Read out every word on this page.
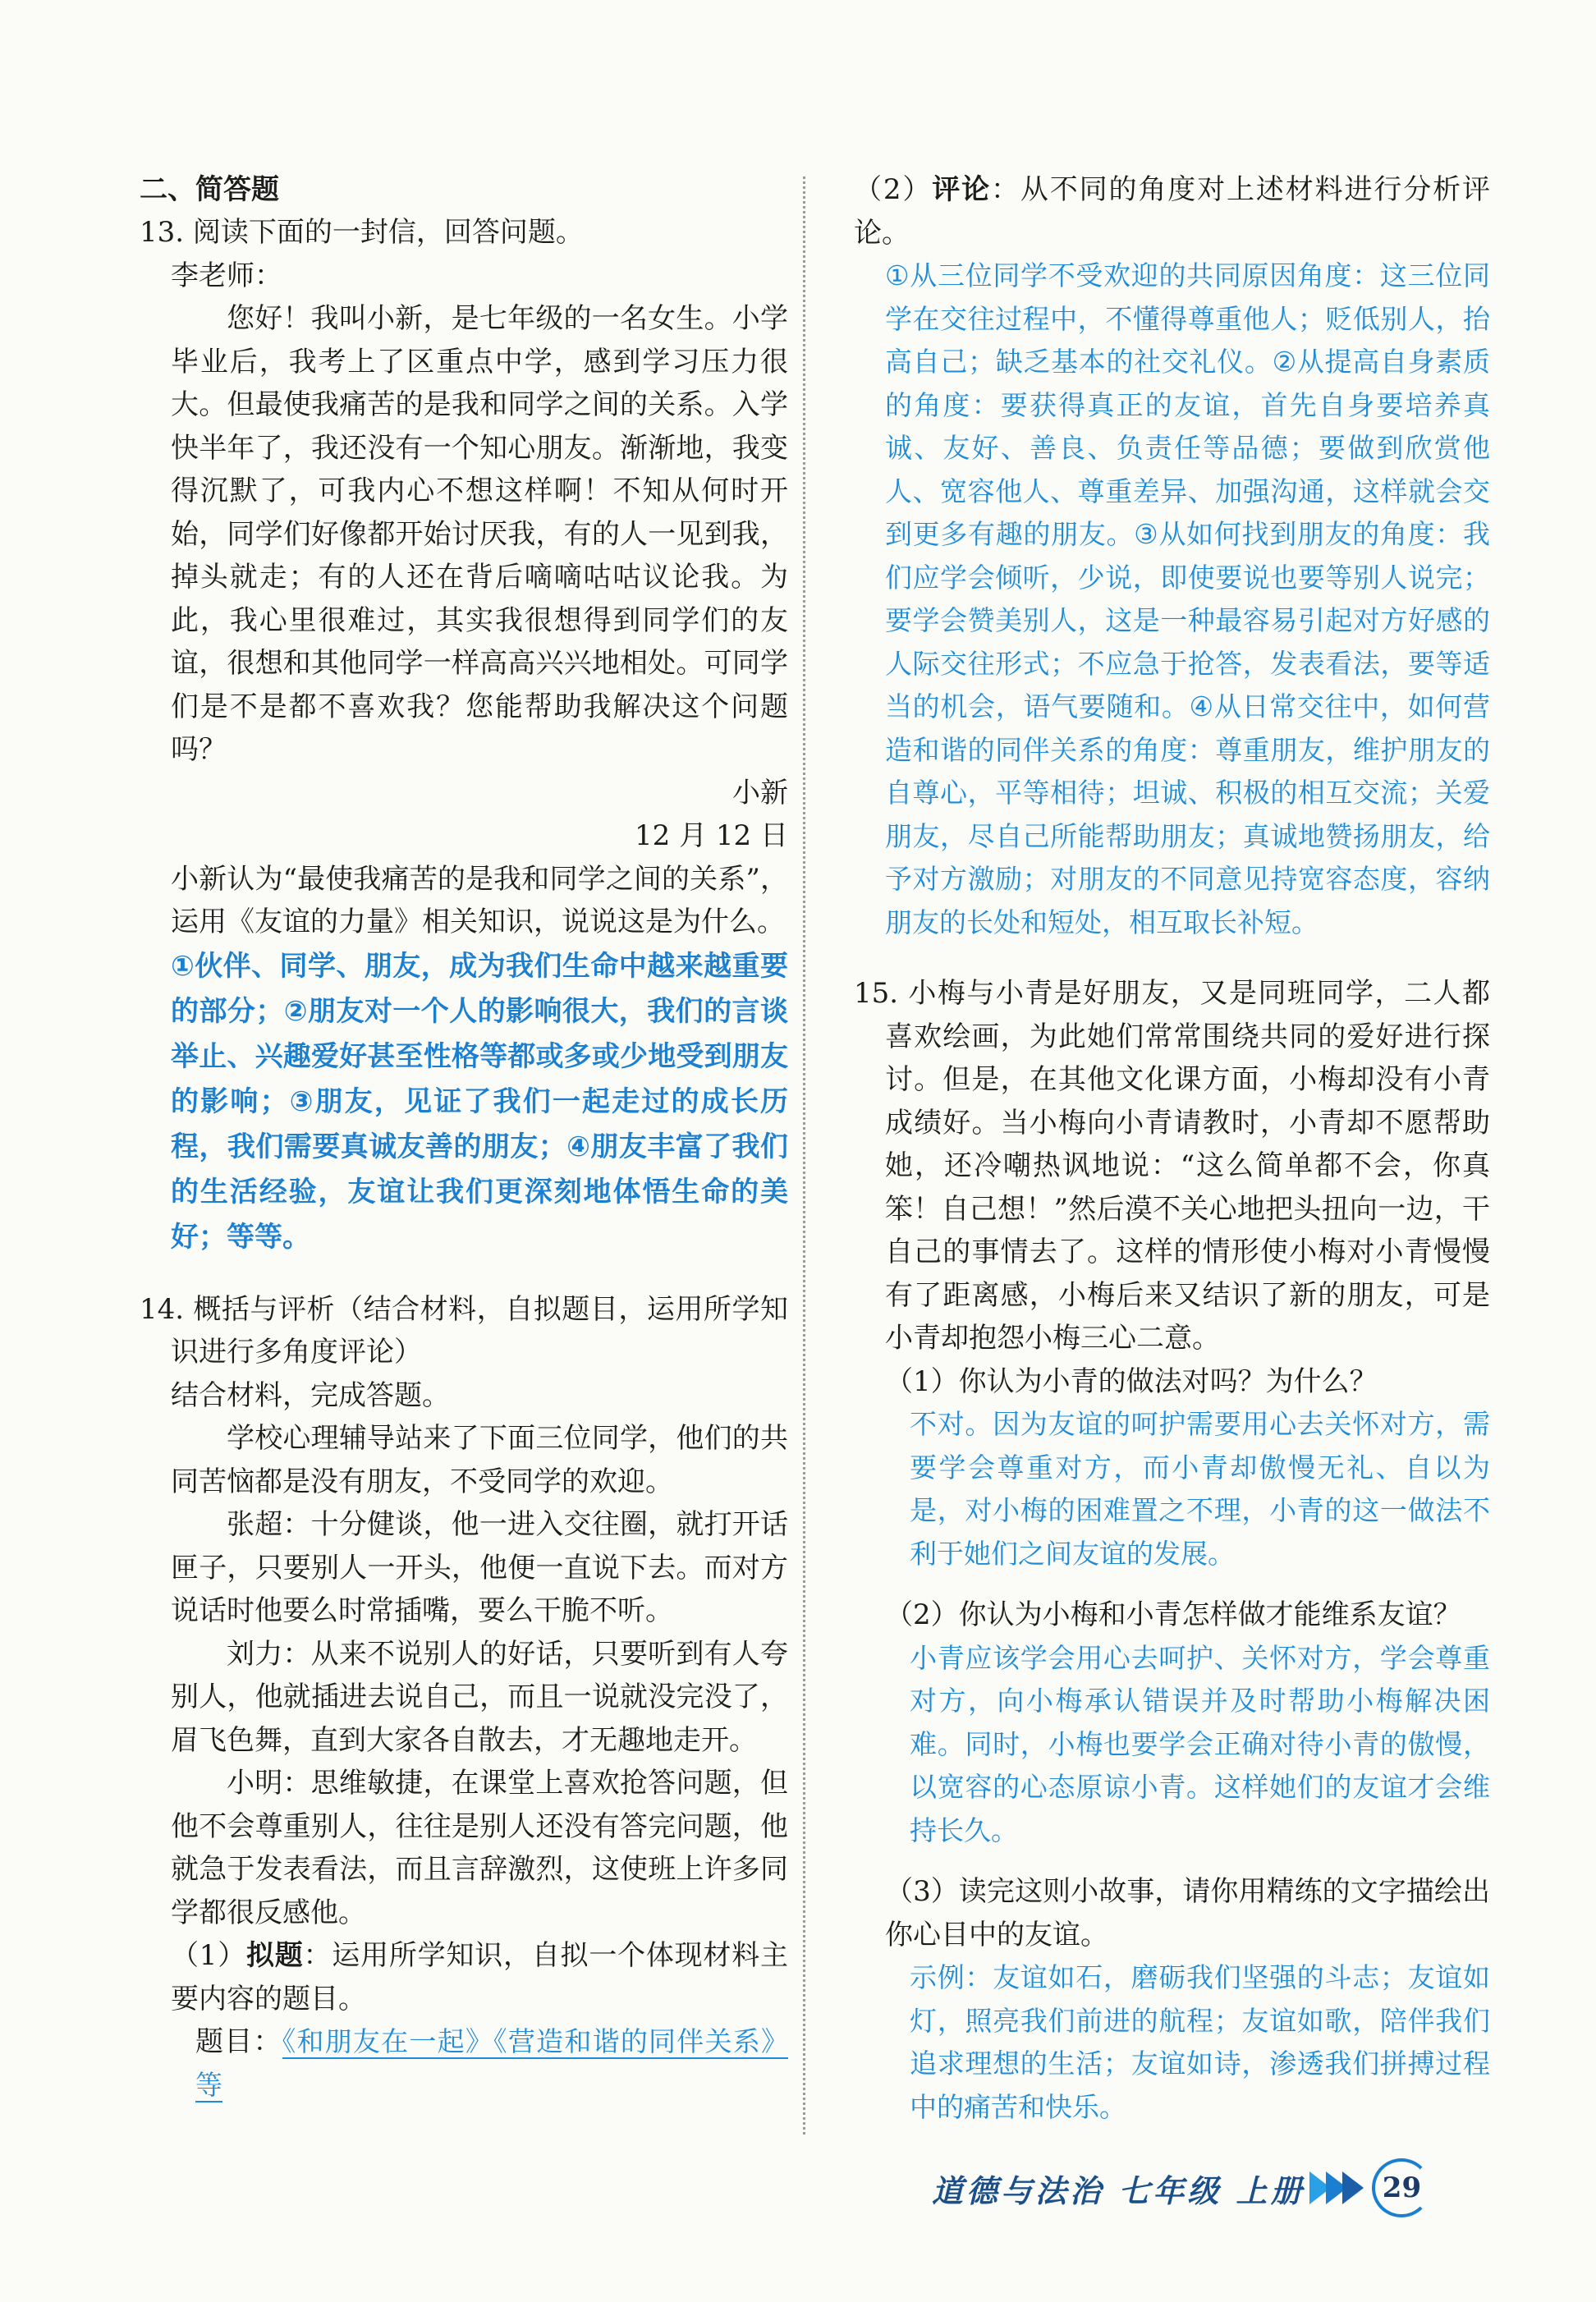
二、简答题

13. 阅读下面的一封信，回答问题。

李老师：

您好！我叫小新，是七年级的一名女生。小学毕业后，我考上了区重点中学，感到学习压力很大。但最使我痛苦的是我和同学之间的关系。入学快半年了，我还没有一个知心朋友。渐渐地，我变得沉默了，可我内心不想这样啊！不知从何时开始，同学们好像都开始讨厌我，有的人一见到我，掉头就走；有的人还在背后嘀嘀咕咕议论我。为此，我心里很难过，其实我很想得到同学们的友谊，很想和其他同学一样高高兴兴地相处。可同学们是不是都不喜欢我？您能帮助我解决这个问题吗？

小新

12 月 12 日

小新认为“最使我痛苦的是我和同学之间的关系”，运用《友谊的力量》相关知识，说说这是为什么。

①伙伴、同学、朋友，成为我们生命中越来越重要的部分；②朋友对一个人的影响很大，我们的言谈举止、兴趣爱好甚至性格等都或多或少地受到朋友的影响；③朋友，见证了我们一起走过的成长历程，我们需要真诚友善的朋友；④朋友丰富了我们的生活经验，友谊让我们更深刻地体悟生命的美好；等等。

14. 概括与评析（结合材料，自拟题目，运用所学知识进行多角度评论）

结合材料，完成答题。

学校心理辅导站来了下面三位同学，他们的共同苦恼都是没有朋友，不受同学的欢迎。

张超：十分健谈，他一进入交往圈，就打开话匣子，只要别人一开头，他便一直说下去。而对方说话时他要么时常插嘴，要么干脆不听。

刘力：从来不说别人的好话，只要听到有人夸别人，他就插进去说自己，而且一说就没完没了，眉飞色舞，直到大家各自散去，才无趣地走开。

小明：思维敏捷，在课堂上喜欢抢答问题，但他不会尊重别人，往往是别人还没有答完问题，他就急于发表看法，而且言辞激烈，这使班上许多同学都很反感他。

（1）拟题：运用所学知识，自拟一个体现材料主要内容的题目。

题目：《和朋友在一起》《营造和谐的同伴关系》等

（2）评论：从不同的角度对上述材料进行分析评论。

①从三位同学不受欢迎的共同原因角度：这三位同学在交往过程中，不懂得尊重他人；贬低别人，抬高自己；缺乏基本的社交礼仪。②从提高自身素质的角度：要获得真正的友谊，首先自身要培养真诚、友好、善良、负责任等品德；要做到欣赏他人、宽容他人、尊重差异、加强沟通，这样就会交到更多有趣的朋友。③从如何找到朋友的角度：我们应学会倾听，少说，即使要说也要等别人说完；要学会赞美别人，这是一种最容易引起对方好感的人际交往形式；不应急于抢答，发表看法，要等适当的机会，语气要随和。④从日常交往中，如何营造和谐的同伴关系的角度：尊重朋友，维护朋友的自尊心，平等相待；坦诚、积极的相互交流；关爱朋友，尽自己所能帮助朋友；真诚地赞扬朋友，给予对方激励；对朋友的不同意见持宽容态度，容纳朋友的长处和短处，相互取长补短。

15. 小梅与小青是好朋友，又是同班同学，二人都喜欢绘画，为此她们常常围绕共同的爱好进行探讨。但是，在其他文化课方面，小梅却没有小青成绩好。当小梅向小青请教时，小青却不愿帮助她，还冷嘲热讽地说：“这么简单都不会，你真笨！自己想！”然后漠不关心地把头扭向一边，干自己的事情去了。这样的情形使小梅对小青慢慢有了距离感，小梅后来又结识了新的朋友，可是小青却抱怨小梅三心二意。

（1）你认为小青的做法对吗？为什么？

不对。因为友谊的呵护需要用心去关怀对方，需要学会尊重对方，而小青却傲慢无礼、自以为是，对小梅的困难置之不理，小青的这一做法不利于她们之间友谊的发展。

（2）你认为小梅和小青怎样做才能维系友谊？

小青应该学会用心去呵护、关怀对方，学会尊重对方，向小梅承认错误并及时帮助小梅解决困难。同时，小梅也要学会正确对待小青的傲慢，以宽容的心态原谅小青。这样她们的友谊才会维持长久。

（3）读完这则小故事，请你用精练的文字描绘出你心目中的友谊。

示例：友谊如石，磨砺我们坚强的斗志；友谊如灯，照亮我们前进的航程；友谊如歌，陪伴我们追求理想的生活；友谊如诗，渗透我们拼搏过程中的痛苦和快乐。

道德与法治 七年级 上册	29
